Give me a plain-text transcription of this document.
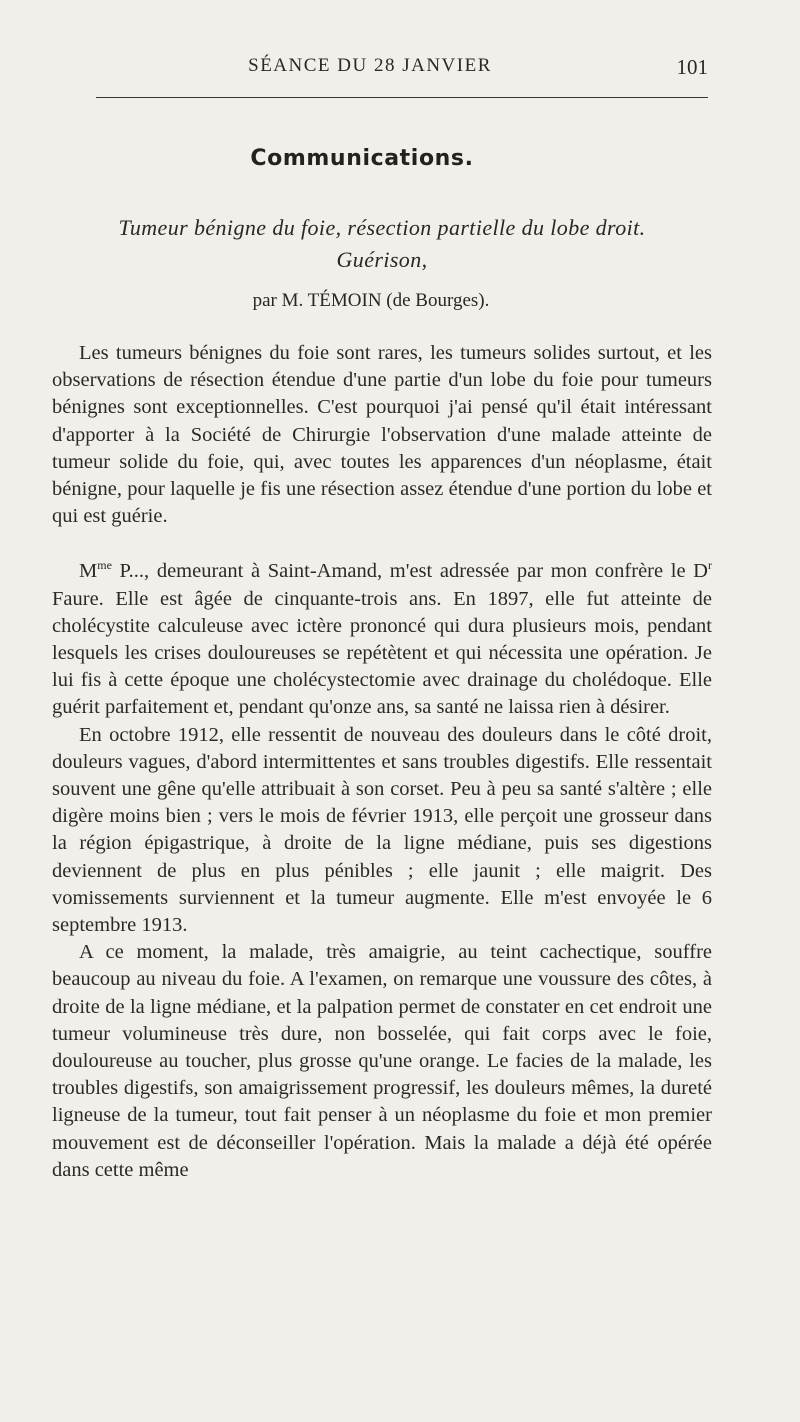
SÉANCE DU 28 JANVIER	101
Communications.
Tumeur bénigne du foie, résection partielle du lobe droit.
Guérison,
par M. TÉMOIN (de Bourges).

Les tumeurs bénignes du foie sont rares, les tumeurs solides surtout, et les observations de résection étendue d'une partie d'un lobe du foie pour tumeurs bénignes sont exceptionnelles. C'est pourquoi j'ai pensé qu'il était intéressant d'apporter à la Société de Chirurgie l'observation d'une malade atteinte de tumeur solide du foie, qui, avec toutes les apparences d'un néoplasme, était bénigne, pour laquelle je fis une résection assez étendue d'une portion du lobe et qui est guérie.

$M^{me}$ P..., demeurant à Saint-Amand, m'est adressée par mon confrère le $D^r$ Faure. Elle est âgée de cinquante-trois ans. En 1897, elle fut atteinte de cholécystite calculeuse avec ictère prononcé qui dura plusieurs mois, pendant lesquels les crises douloureuses se repétètent et qui nécessita une opération. Je lui fis à cette époque une cholécystectomie avec drainage du cholédoque. Elle guérit parfaitement et, pendant qu'onze ans, sa santé ne laissa rien à désirer.

En octobre 1912, elle ressentit de nouveau des douleurs dans le côté droit, douleurs vagues, d'abord intermittentes et sans troubles digestifs. Elle ressentait souvent une gêne qu'elle attribuait à son corset. Peu à peu sa santé s'altère ; elle digère moins bien ; vers le mois de février 1913, elle perçoit une grosseur dans la région épigastrique, à droite de la ligne médiane, puis ses digestions deviennent de plus en plus pénibles ; elle jaunit ; elle maigrit. Des vomissements surviennent et la tumeur augmente. Elle m'est envoyée le 6 septembre 1913.

A ce moment, la malade, très amaigrie, au teint cachectique, souffre beaucoup au niveau du foie. A l'examen, on remarque une voussure des côtes, à droite de la ligne médiane, et la palpation permet de constater en cet endroit une tumeur volumineuse très dure, non bosselée, qui fait corps avec le foie, douloureuse au toucher, plus grosse qu'une orange. Le facies de la malade, les troubles digestifs, son amaigrissement progressif, les douleurs mêmes, la dureté ligneuse de la tumeur, tout fait penser à un néoplasme du foie et mon premier mouvement est de déconseiller l'opération. Mais la malade a déjà été opérée dans cette même
